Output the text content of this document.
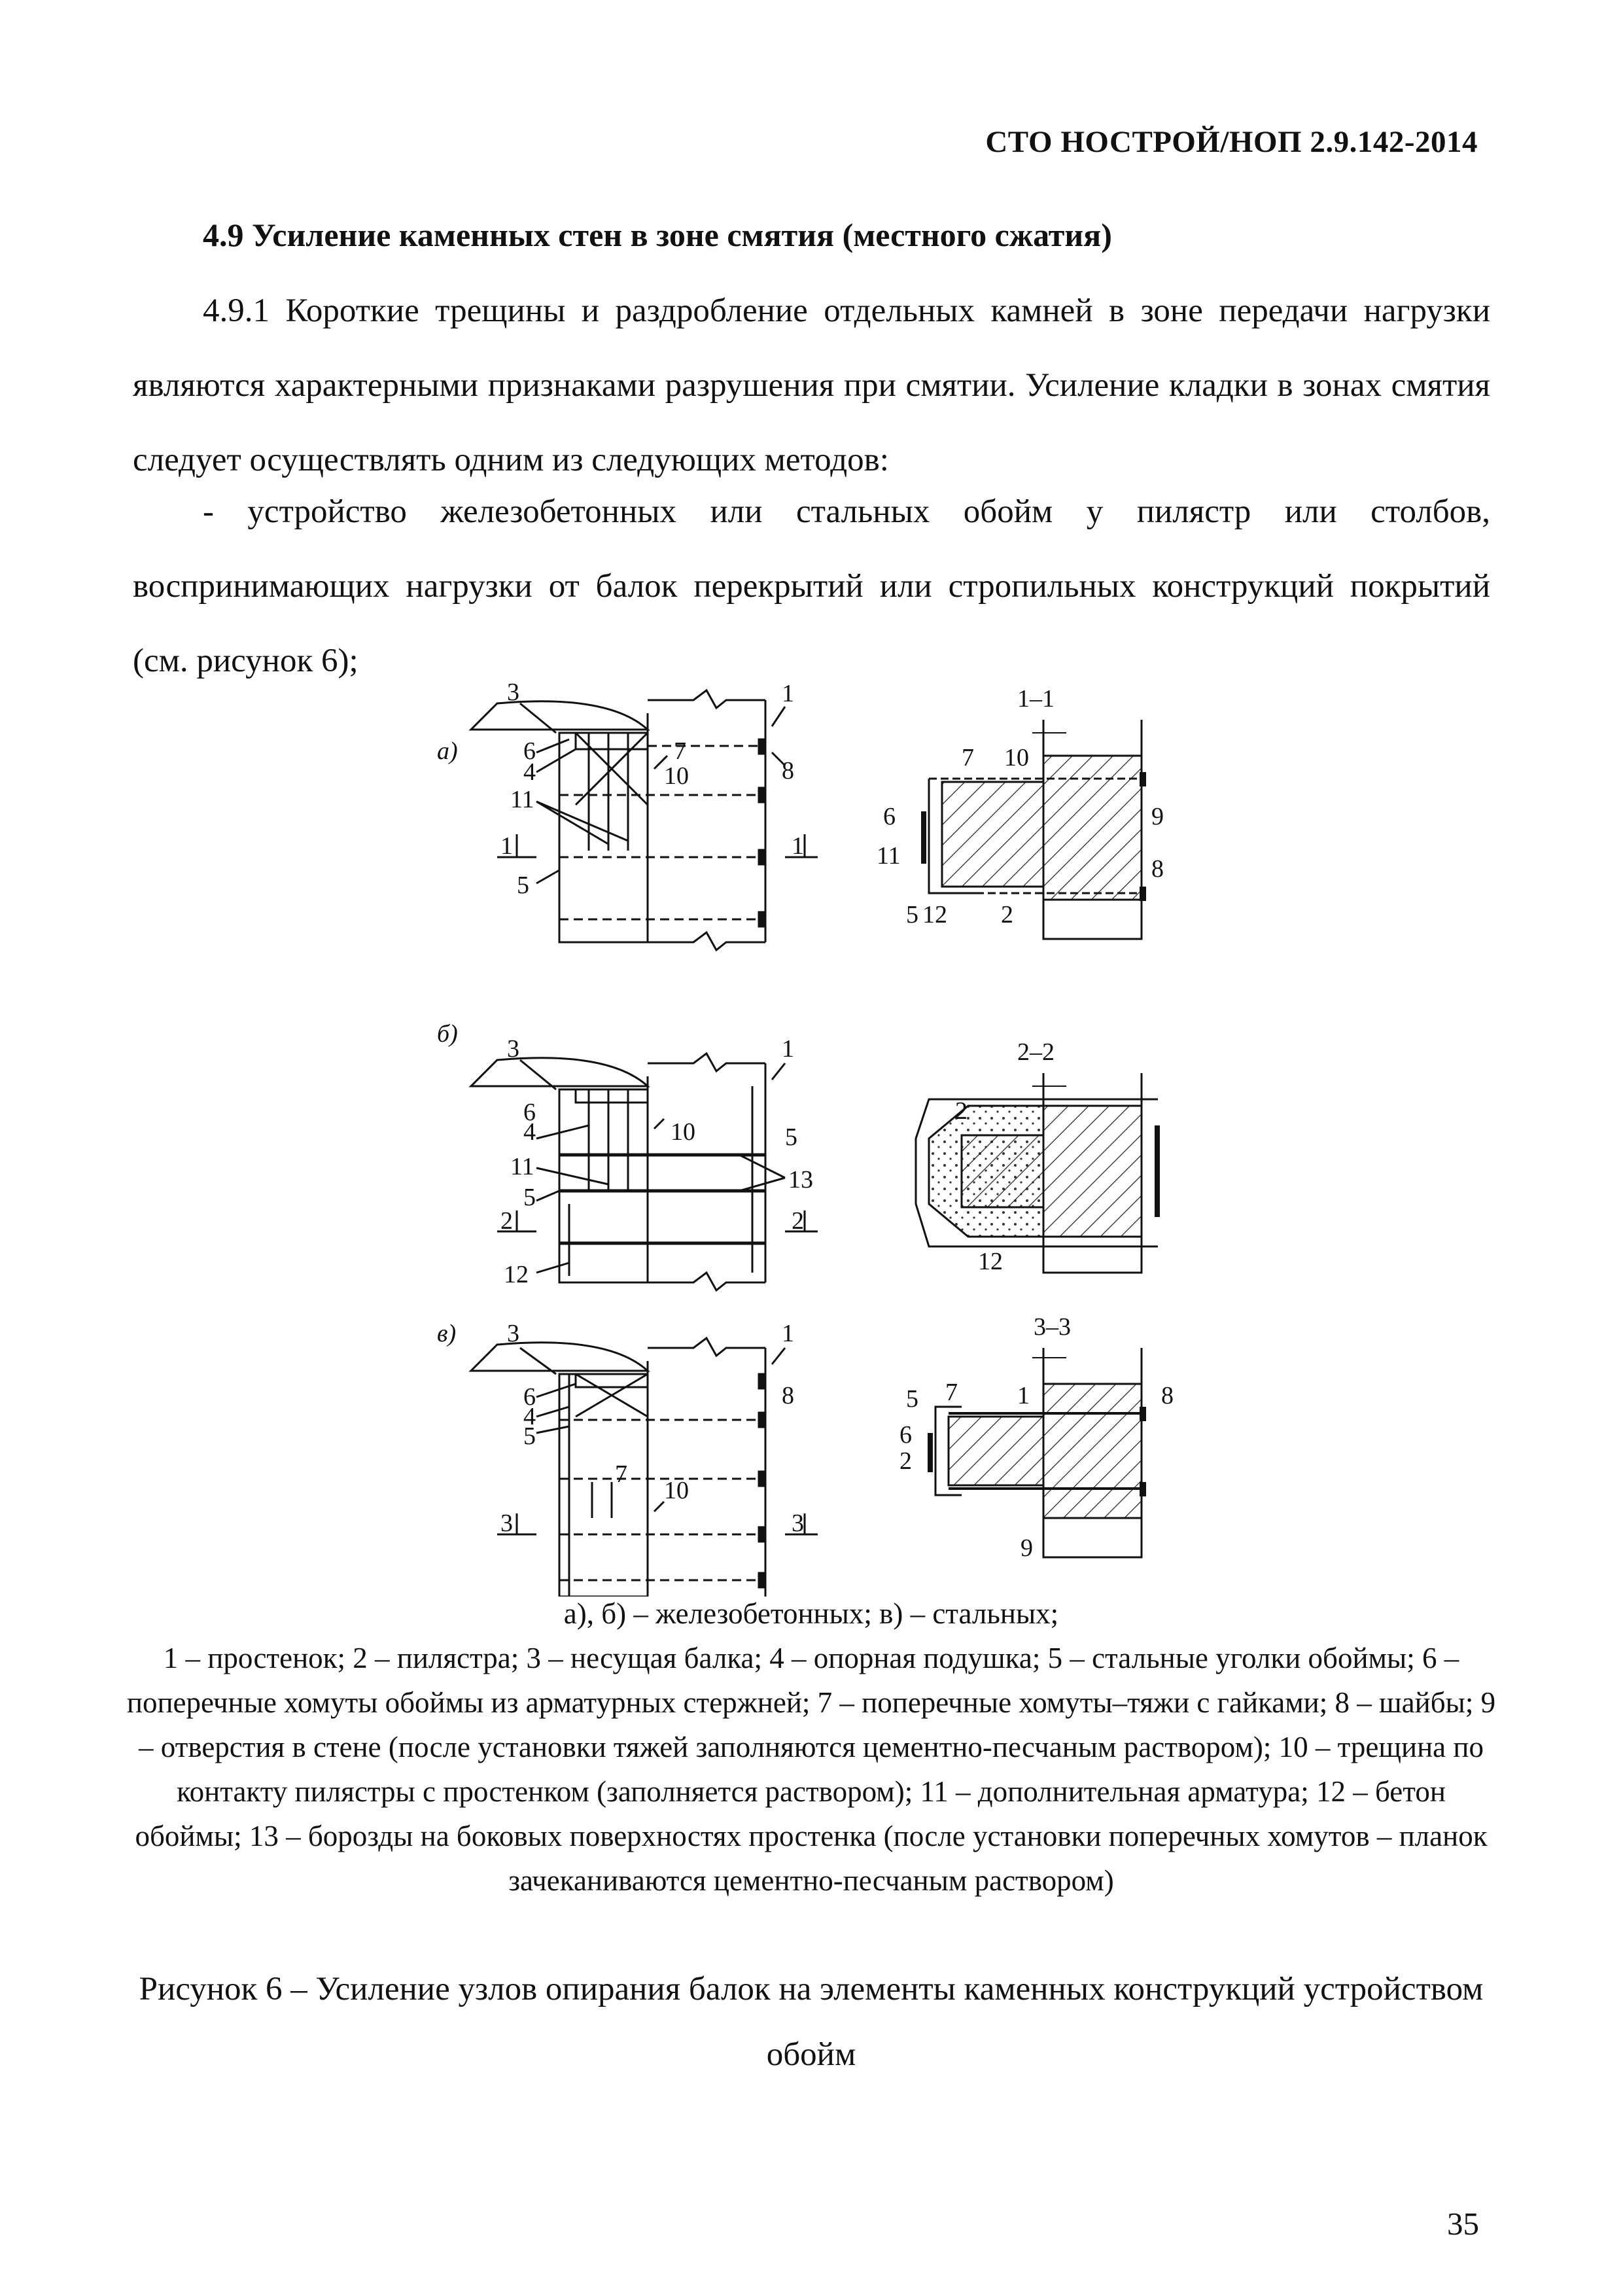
СТО НОСТРОЙ/НОП 2.9.142-2014
4.9 Усиление каменных стен в зоне смятия (местного сжатия)
4.9.1 Короткие трещины и раздробление отдельных камней в зоне передачи нагрузки являются характерными признаками разрушения при смятии. Усиление кладки в зонах смятия следует осуществлять одним из следующих методов:
- устройство железобетонных или стальных обойм у пилястр или столбов, воспринимающих нагрузки от балок перекрытий или стропильных конструкций покрытий (см. рисунок 6);
а)
б)
в)
1–1
2–2
3–3
3
6
4
11
5
7
10
1
8
1	1
7 10
6
11
5 12 2
9
8
3	1
6
4	10	5
11	13
5
2	2
12
2
12
3	1
8
6
4
5
7
10
3	3
5 7 1	8
6
2
9
а), б) – железобетонных; в) – стальных;
1 – простенок; 2 – пилястра; 3 – несущая балка; 4 – опорная подушка; 5 – стальные уголки обоймы; 6 – поперечные хомуты обоймы из арматурных стержней; 7 – поперечные хомуты–тяжи с гайками; 8 – шайбы; 9 – отверстия в стене (после установки тяжей заполняются цементно-песчаным раствором); 10 – трещина по контакту пилястры с простенком (заполняется раствором); 11 – дополнительная арматура; 12 – бетон обоймы; 13 – борозды на боковых поверхностях простенка (после установки поперечных хомутов – планок зачеканиваются цементно-песчаным раствором)
Рисунок 6 – Усиление узлов опирания балок на элементы каменных конструкций устройством обойм
35
